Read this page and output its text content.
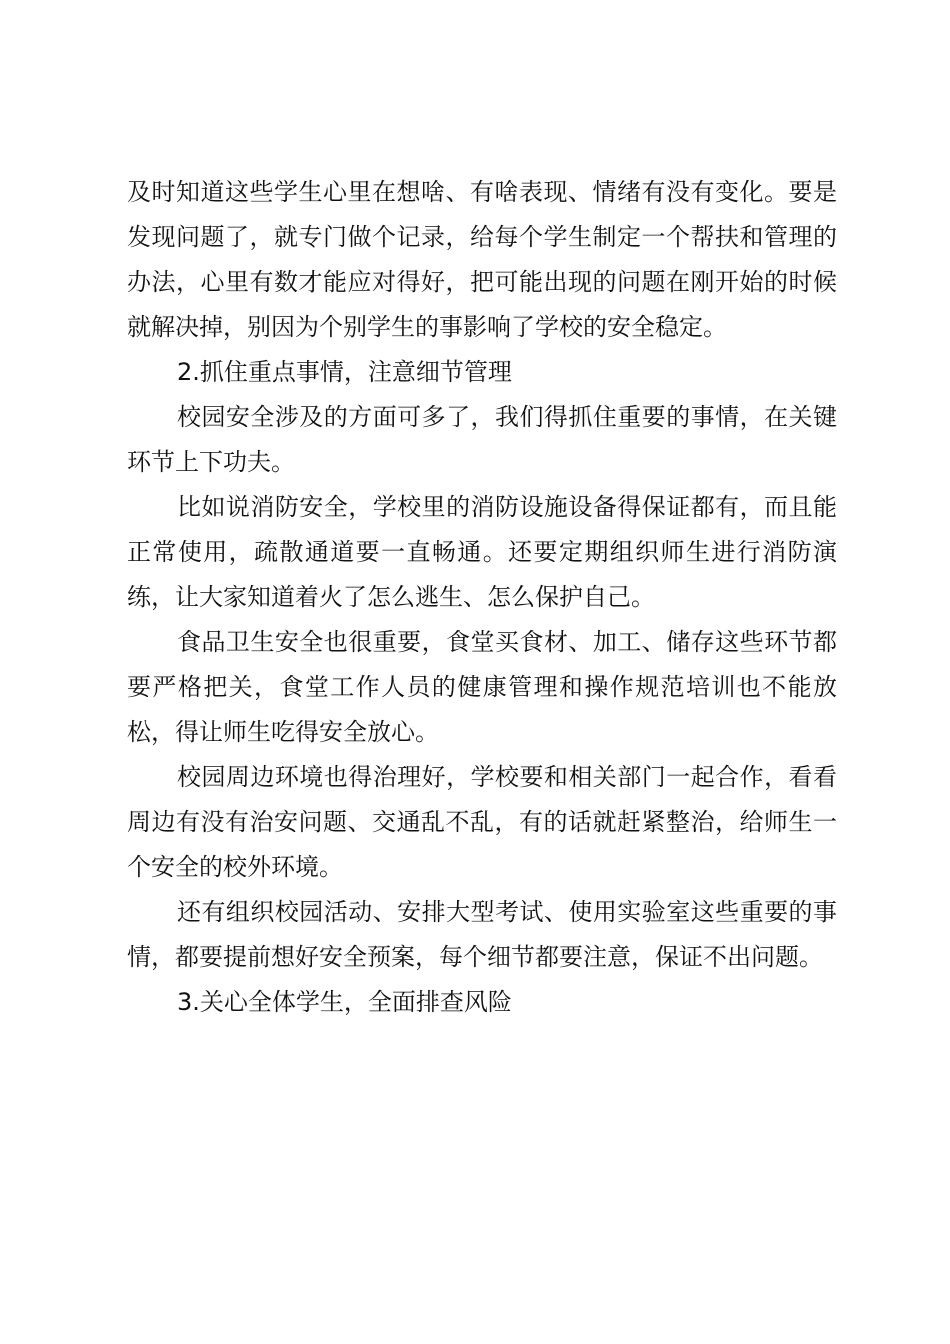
及时知道这些学生心里在想啥、有啥表现、情绪有没有变化。要是发现问题了，就专门做个记录，给每个学生制定一个帮扶和管理的办法，心里有数才能应对得好，把可能出现的问题在刚开始的时候就解决掉，别因为个别学生的事影响了学校的安全稳定。

2.抓住重点事情，注意细节管理

校园安全涉及的方面可多了，我们得抓住重要的事情，在关键环节上下功夫。

比如说消防安全，学校里的消防设施设备得保证都有，而且能正常使用，疏散通道要一直畅通。还要定期组织师生进行消防演练，让大家知道着火了怎么逃生、怎么保护自己。

食品卫生安全也很重要，食堂买食材、加工、储存这些环节都要严格把关，食堂工作人员的健康管理和操作规范培训也不能放松，得让师生吃得安全放心。

校园周边环境也得治理好，学校要和相关部门一起合作，看看周边有没有治安问题、交通乱不乱，有的话就赶紧整治，给师生一个安全的校外环境。

还有组织校园活动、安排大型考试、使用实验室这些重要的事情，都要提前想好安全预案，每个细节都要注意，保证不出问题。

3.关心全体学生，全面排查风险
